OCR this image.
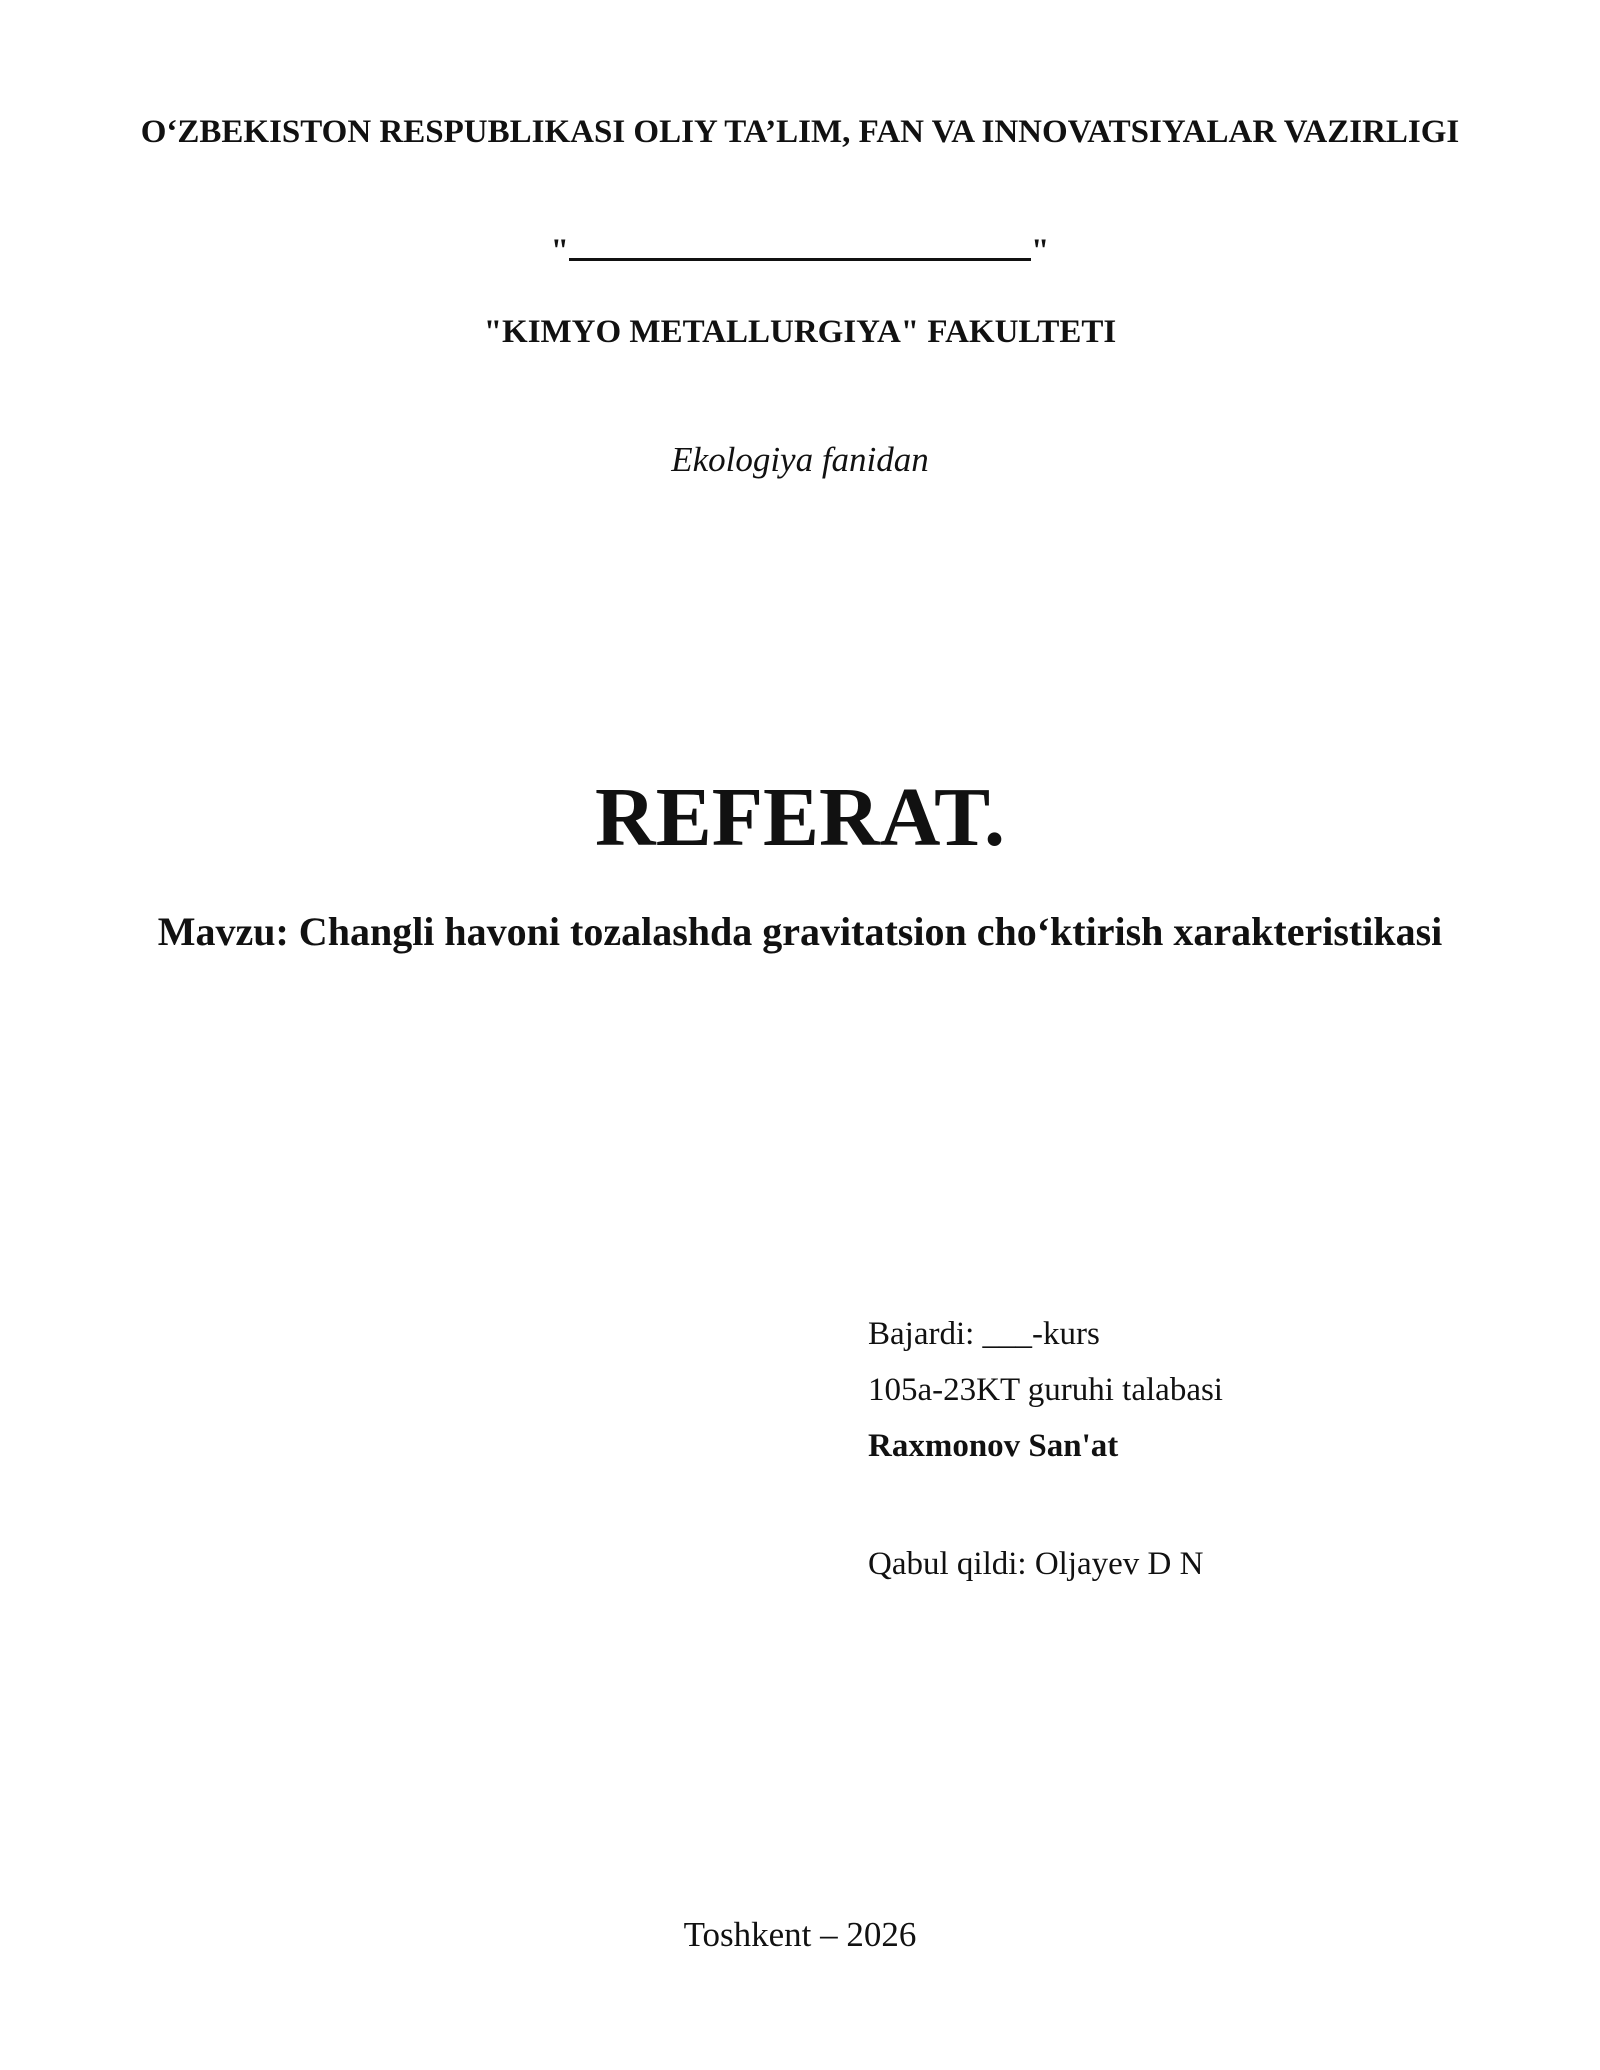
O‘ZBEKISTON RESPUBLIKASI OLIY TA’LIM, FAN VA INNOVATSIYALAR VAZIRLIGI
"	"
"KIMYO METALLURGIYA" FAKULTETI
Ekologiya fanidan
REFERAT.
Mavzu: Changli havoni tozalashda gravitatsion cho‘ktirish xarakteristikasi
Bajardi: ___-kurs
105a-23KT guruhi talabasi
Raxmonov San'at
Qabul qildi: Oljayev D N
Toshkent – 2026
